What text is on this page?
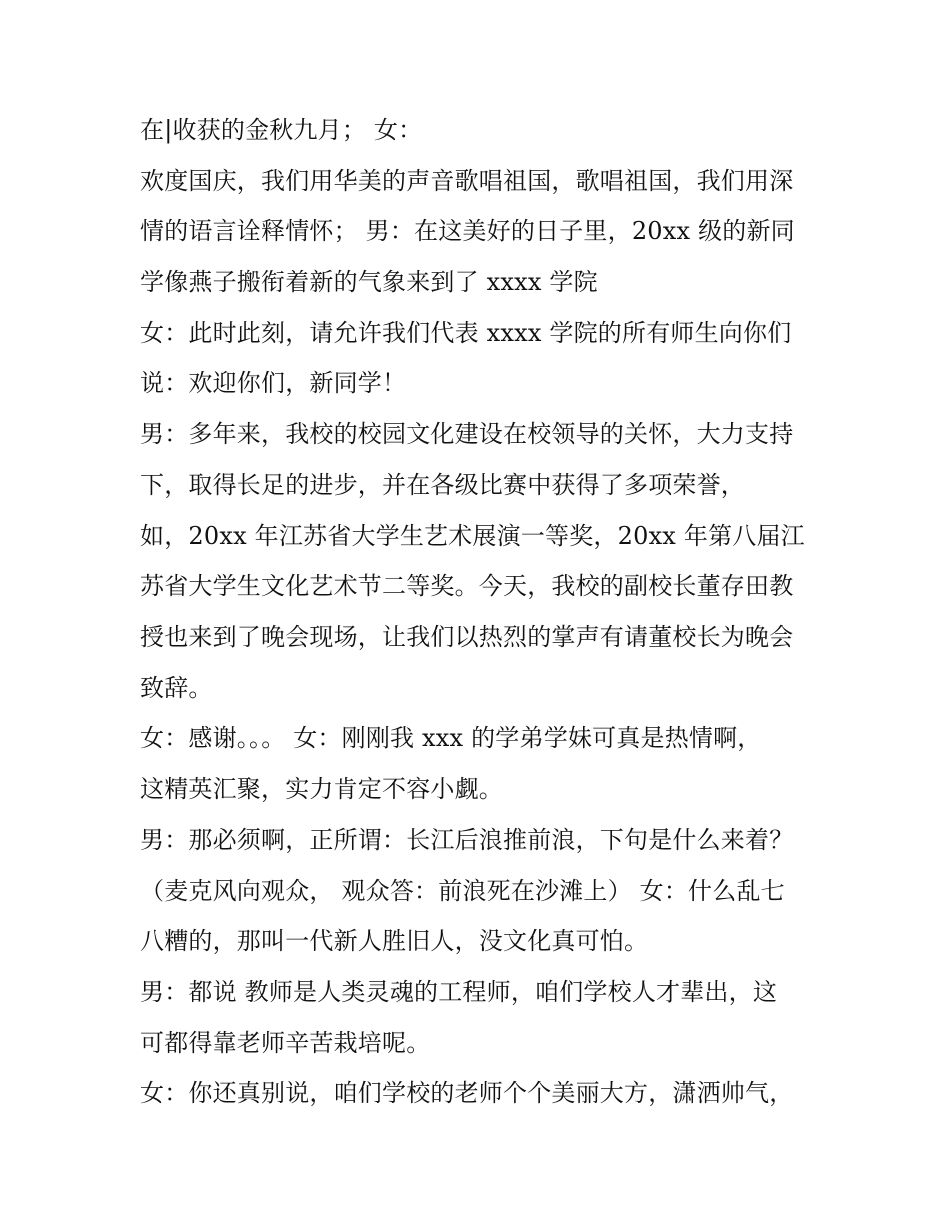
在|收获的金秋九月； 女：

欢度国庆，我们用华美的声音歌唱祖国，歌唱祖国，我们用深

情的语言诠释情怀； 男：在这美好的日子里，20xx 级的新同

学像燕子搬衔着新的气象来到了 xxxx 学院

女：此时此刻，请允许我们代表 xxxx 学院的所有师生向你们

说：欢迎你们，新同学！

男：多年来，我校的校园文化建设在校领导的关怀，大力支持

下，取得长足的进步，并在各级比赛中获得了多项荣誉，

如，20xx 年江苏省大学生艺术展演一等奖，20xx 年第八届江

苏省大学生文化艺术节二等奖。今天，我校的副校长董存田教

授也来到了晚会现场，让我们以热烈的掌声有请董校长为晚会

致辞。

女：感谢。。。 女：刚刚我 xxx 的学弟学妹可真是热情啊，

这精英汇聚，实力肯定不容小觑。

男：那必须啊，正所谓：长江后浪推前浪，下句是什么来着？

（麦克风向观众， 观众答：前浪死在沙滩上） 女：什么乱七

八糟的，那叫一代新人胜旧人，没文化真可怕。

男：都说 教师是人类灵魂的工程师，咱们学校人才辈出，这

可都得靠老师辛苦栽培呢。

女：你还真别说，咱们学校的老师个个美丽大方，潇洒帅气，
